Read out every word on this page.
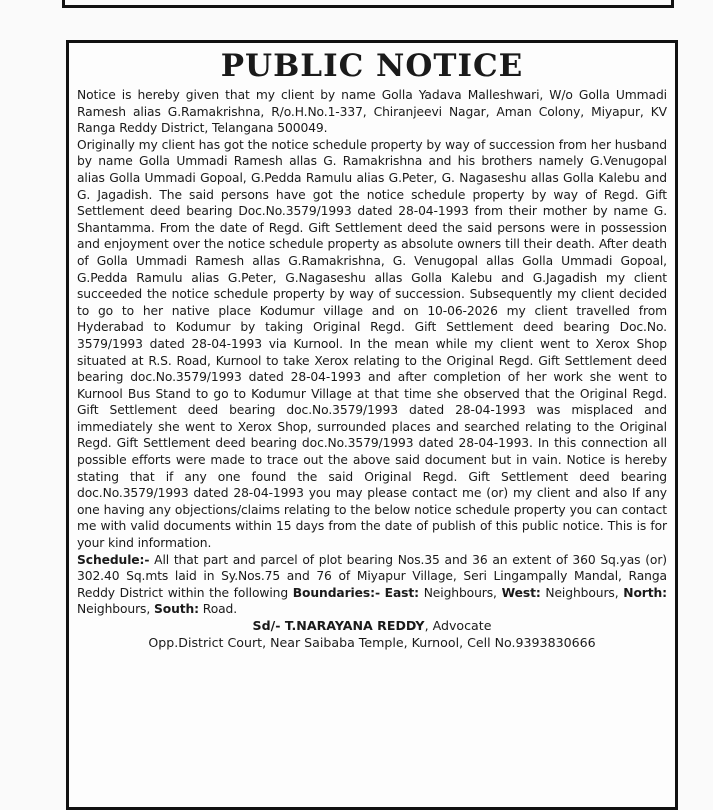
PUBLIC NOTICE

Notice is hereby given that my client by name Golla Yadava Malleshwari, W/o Golla Ummadi Ramesh alias G.Ramakrishna, R/o.H.No.1-337, Chiranjeevi Nagar, Aman Colony, Miyapur, KV Ranga Reddy District, Telangana 500049.

Originally my client has got the notice schedule property by way of succession from her husband by name Golla Ummadi Ramesh allas G. Ramakrishna and his brothers namely G.Venugopal alias Golla Ummadi Gopoal, G.Pedda Ramulu alias G.Peter, G. Nagaseshu allas Golla Kalebu and G. Jagadish. The said persons have got the notice schedule property by way of Regd. Gift Settlement deed bearing Doc.No.3579/1993 dated 28-04-1993 from their mother by name G. Shantamma. From the date of Regd. Gift Settlement deed the said persons were in possession and enjoyment over the notice schedule property as absolute owners till their death. After death of Golla Ummadi Ramesh allas G.Ramakrishna, G. Venugopal allas Golla Ummadi Gopoal, G.Pedda Ramulu alias G.Peter, G.Nagaseshu allas Golla Kalebu and G.Jagadish my client succeeded the notice schedule property by way of succession. Subsequently my client decided to go to her native place Kodumur village and on 10-06-2026 my client travelled from Hyderabad to Kodumur by taking Original Regd. Gift Settlement deed bearing Doc.No. 3579/1993 dated 28-04-1993 via Kurnool. In the mean while my client went to Xerox Shop situated at R.S. Road, Kurnool to take Xerox relating to the Original Regd. Gift Settlement deed bearing doc.No.3579/1993 dated 28-04-1993 and after completion of her work she went to Kurnool Bus Stand to go to Kodumur Village at that time she observed that the Original Regd. Gift Settlement deed bearing doc.No.3579/1993 dated 28-04-1993 was misplaced and immediately she went to Xerox Shop, surrounded places and searched relating to the Original Regd. Gift Settlement deed bearing doc.No.3579/1993 dated 28-04-1993. In this connection all possible efforts were made to trace out the above said document but in vain. Notice is hereby stating that if any one found the said Original Regd. Gift Settlement deed bearing doc.No.3579/1993 dated 28-04-1993 you may please contact me (or) my client and also If any one having any objections/claims relating to the below notice schedule property you can contact me with valid documents within 15 days from the date of publish of this public notice. This is for your kind information.

Schedule:- All that part and parcel of plot bearing Nos.35 and 36 an extent of 360 Sq.yas (or) 302.40 Sq.mts laid in Sy.Nos.75 and 76 of Miyapur Village, Seri Lingampally Mandal, Ranga Reddy District within the following Boundaries:- East: Neighbours, West: Neighbours, North: Neighbours, South: Road.

Sd/- T.NARAYANA REDDY, Advocate

Opp.District Court, Near Saibaba Temple, Kurnool, Cell No.9393830666
